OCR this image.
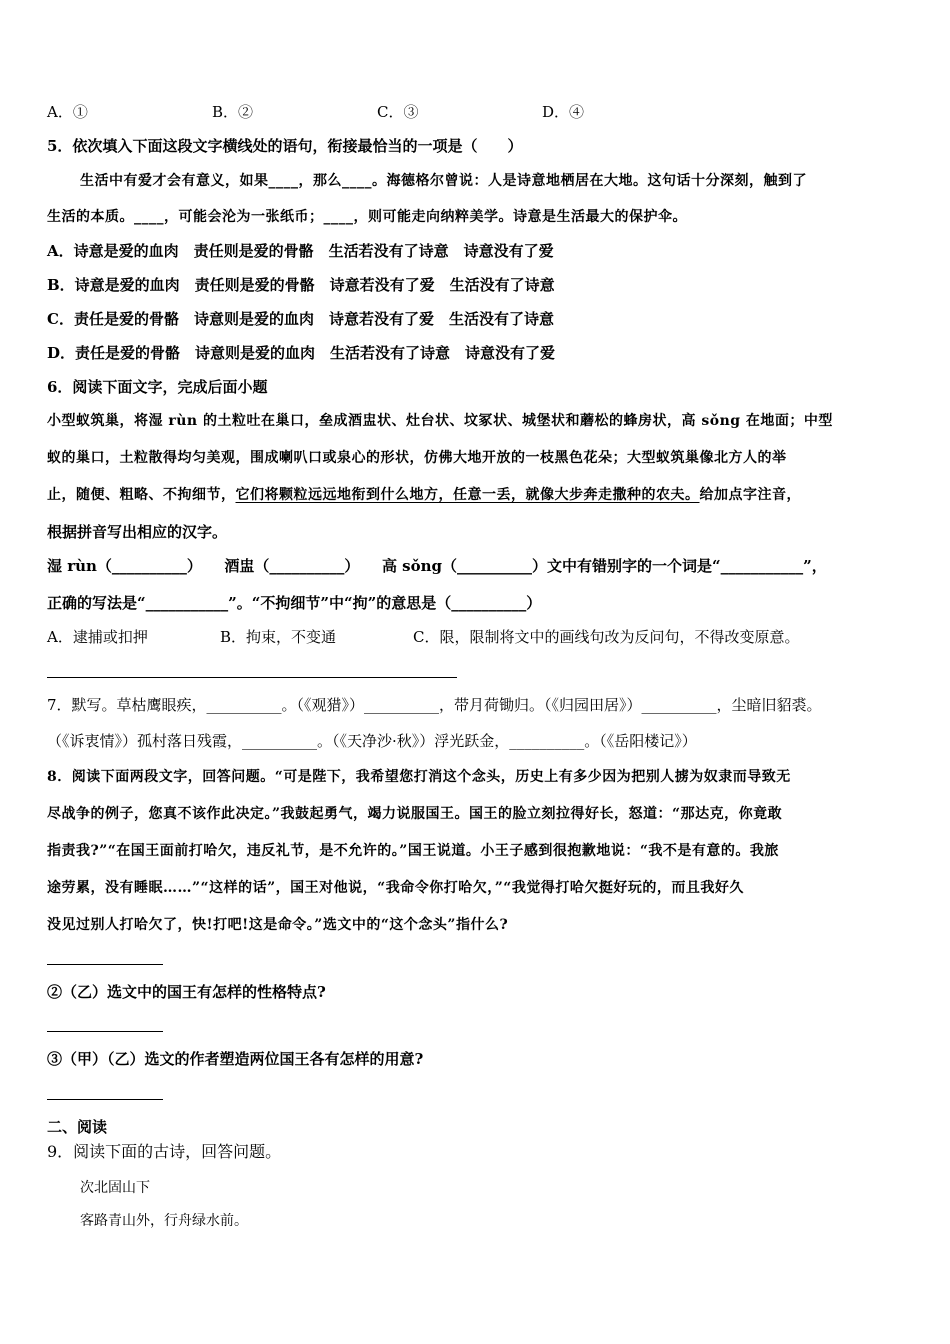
A．①	B．②	C．③	D．④
5．依次填入下面这段文字横线处的语句，衔接最恰当的一项是（　　）
生活中有爱才会有意义，如果____，那么____。海德格尔曾说：人是诗意地栖居在大地。这句话十分深刻，触到了
生活的本质。____，可能会沦为一张纸币；____，则可能走向纳粹美学。诗意是生活最大的保护伞。
A．诗意是爱的血肉　责任则是爱的骨骼　生活若没有了诗意　诗意没有了爱
B．诗意是爱的血肉　责任则是爱的骨骼　诗意若没有了爱　生活没有了诗意
C．责任是爱的骨骼　诗意则是爱的血肉　诗意若没有了爱　生活没有了诗意
D．责任是爱的骨骼　诗意则是爱的血肉　生活若没有了诗意　诗意没有了爱
6．阅读下面文字，完成后面小题
小型蚁筑巢，将湿 rùn 的土粒吐在巢口，垒成酒盅状、灶台状、坟冢状、城堡状和蘑松的蜂房状，高 sǒng 在地面；中型
蚁的巢口，土粒散得均匀美观，围成喇叭口或泉心的形状，仿佛大地开放的一枝黑色花朵；大型蚁筑巢像北方人的举
止，随便、粗略、不拘细节，它们将颗粒远远地衔到什么地方，任意一丢，就像大步奔走撒种的农夫。给加点字注音，
根据拼音写出相应的汉字。
湿 rùn（__________）　　酒盅（__________）　　高 sǒng（__________）文中有错别字的一个词是“___________”，
正确的写法是“___________”。“不拘细节”中“拘”的意思是（__________）
A．逮捕或扣押	B．拘束，不变通	C．限，限制将文中的画线句改为反问句，不得改变原意。
7．默写。草枯鹰眼疾，__________。（《观猎》）__________，带月荷锄归。（《归园田居》）__________，尘暗旧貂裘。
（《诉衷情》）孤村落日残霞，__________。（《天净沙·秋》）浮光跃金，__________。（《岳阳楼记》）
8．阅读下面两段文字，回答问题。“可是陛下，我希望您打消这个念头，历史上有多少因为把别人掳为奴隶而导致无
尽战争的例子，您真不该作此决定。”我鼓起勇气，竭力说服国王。国王的脸立刻拉得好长，怒道：“那达克，你竟敢
指责我?”“在国王面前打哈欠，违反礼节，是不允许的。”国王说道。小王子感到很抱歉地说：“我不是有意的。我旅
途劳累，没有睡眠……”“这样的话”，国王对他说，“我命令你打哈欠，”“我觉得打哈欠挺好玩的，而且我好久
没见过别人打哈欠了，快!打吧!这是命令。”选文中的“这个念头”指什么?
②（乙）选文中的国王有怎样的性格特点?
③（甲）（乙）选文的作者塑造两位国王各有怎样的用意?
二、阅读
9．阅读下面的古诗，回答问题。
次北固山下
客路青山外，行舟绿水前。
